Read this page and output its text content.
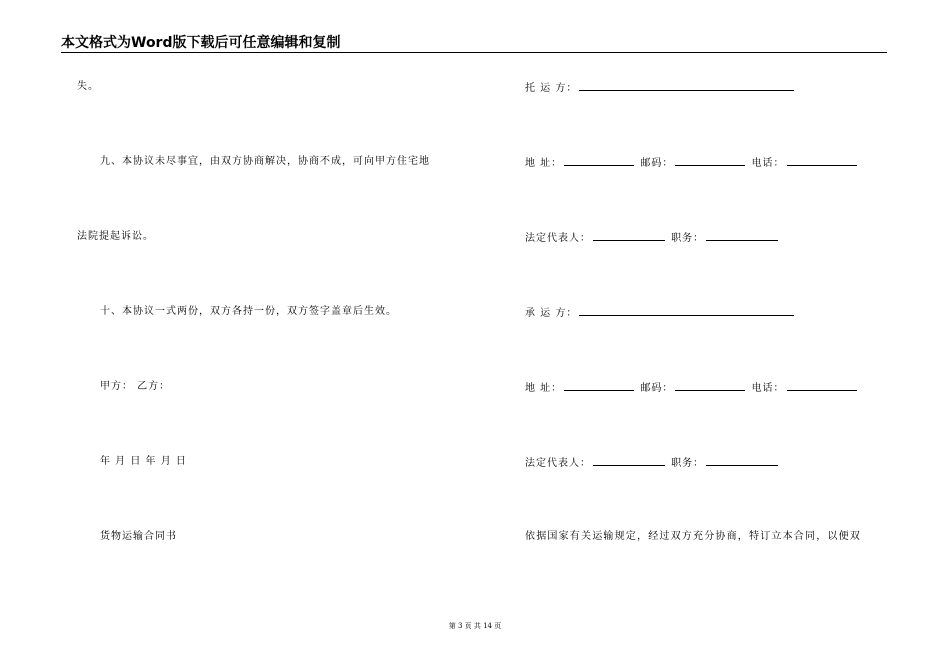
本文格式为Word版下载后可任意编辑和复制
失。
九、本协议未尽事宜，由双方协商解决，协商不成，可向甲方住宅地
法院提起诉讼。
十、本协议一式两份，双方各持一份，双方签字盖章后生效。
甲方： 乙方：
年 月 日 年 月 日
货物运输合同书
托 运 方：
地 址：	邮码：	电话：
法定代表人：	职务：
承 运 方：
地 址：	邮码：	电话：
法定代表人：	职务：
依据国家有关运输规定，经过双方充分协商，特订立本合同，以便双
第 3 页 共 14 页
